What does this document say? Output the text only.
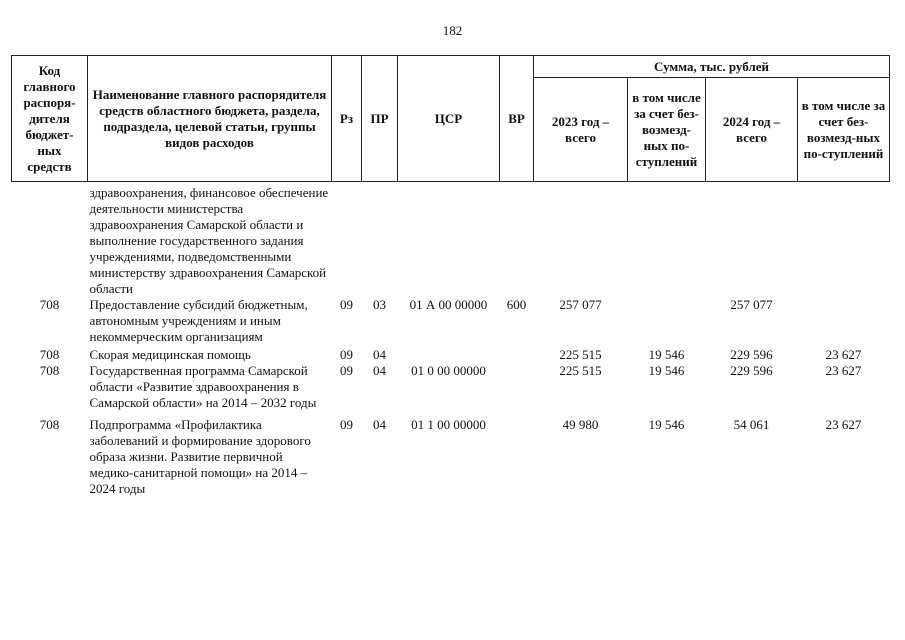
182
Код главного распоря-дителя бюджет-ных средств	Наименование главного распорядителя средств областного бюджета, раздела, подраздела, целевой статьи, группы видов расходов	Рз	ПР	ЦСР	ВР	Сумма, тыс. рублей			
						2023 год – всего	в том числе за счет без-возмезд-ных по-ступлений	2024 год – всего	в том числе за счет без-возмезд-ных по-ступлений
	здравоохранения, финансовое обеспечение деятельности министерства здравоохранения Самарской области и выполнение государственного задания учреждениями, подведомственными министерству здравоохранения Самарской области								
708	Предоставление субсидий бюджетным, автономным учреждениям и иным некоммерческим организациям	09	03	01 А 00 00000	600	257 077		257 077	
708	Скорая медицинская помощь	09	04			225 515	19 546	229 596	23 627
708	Государственная программа Самарской области «Развитие здравоохранения в Самарской области» на 2014 – 2032 годы	09	04	01 0 00 00000		225 515	19 546	229 596	23 627
708	Подпрограмма «Профилактика заболеваний и формирование здорового образа жизни. Развитие первичной медико-санитарной помощи» на 2014 – 2024 годы	09	04	01 1 00 00000		49 980	19 546	54 061	23 627
